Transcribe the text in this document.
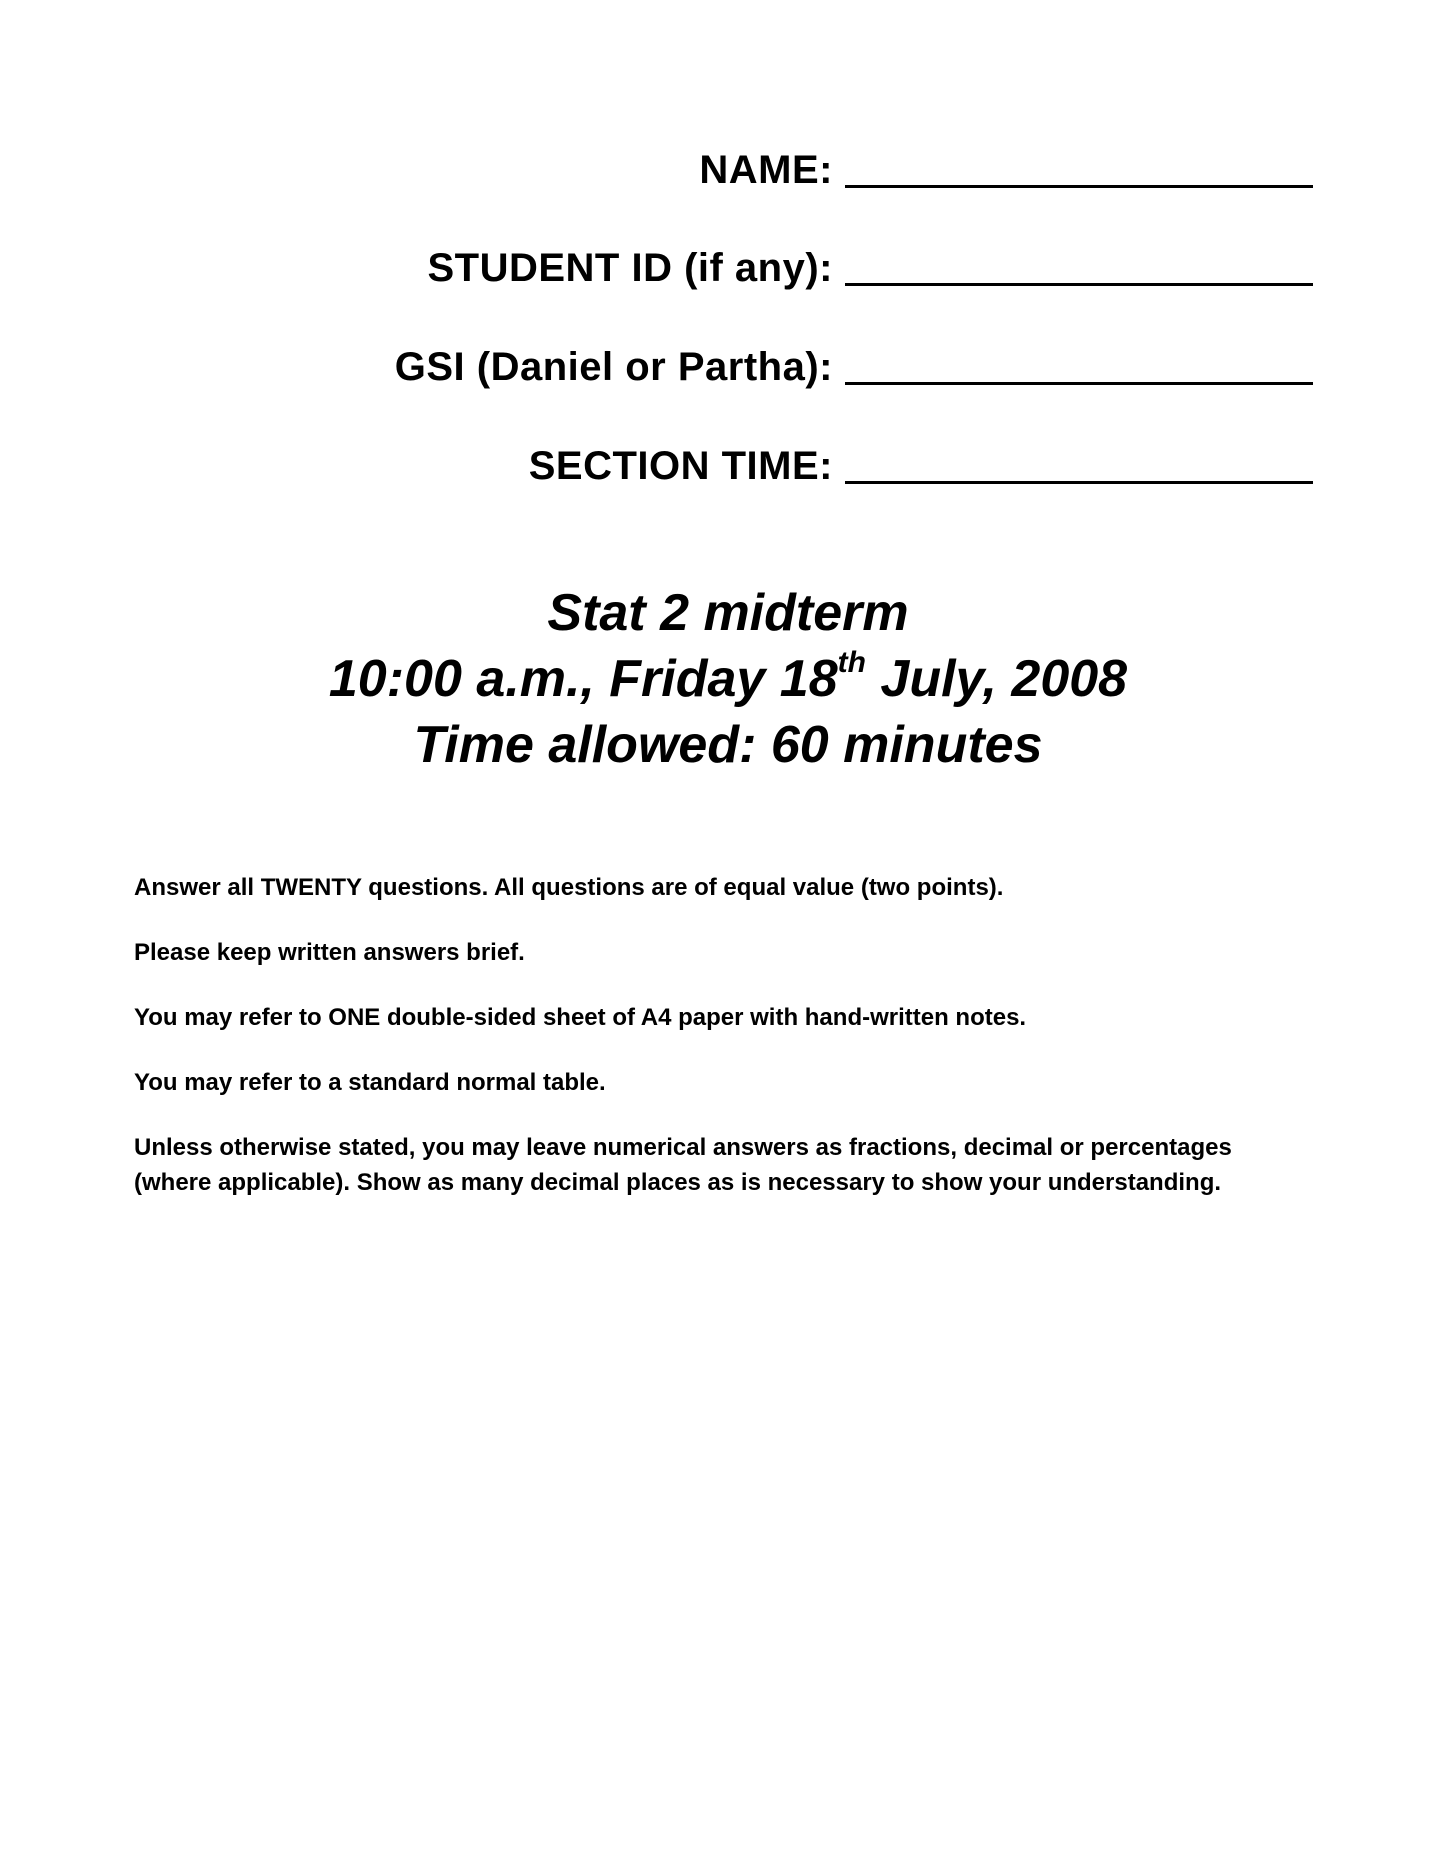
NAME:
STUDENT ID (if any):
GSI (Daniel or Partha):
SECTION TIME:
Stat 2 midterm
10:00 a.m., Friday 18th July, 2008
Time allowed: 60 minutes

Answer all TWENTY questions. All questions are of equal value (two points).

Please keep written answers brief.

You may refer to ONE double-sided sheet of A4 paper with hand-written notes.

You may refer to a standard normal table.

Unless otherwise stated, you may leave numerical answers as fractions, decimal or percentages (where applicable). Show as many decimal places as is necessary to show your understanding.
